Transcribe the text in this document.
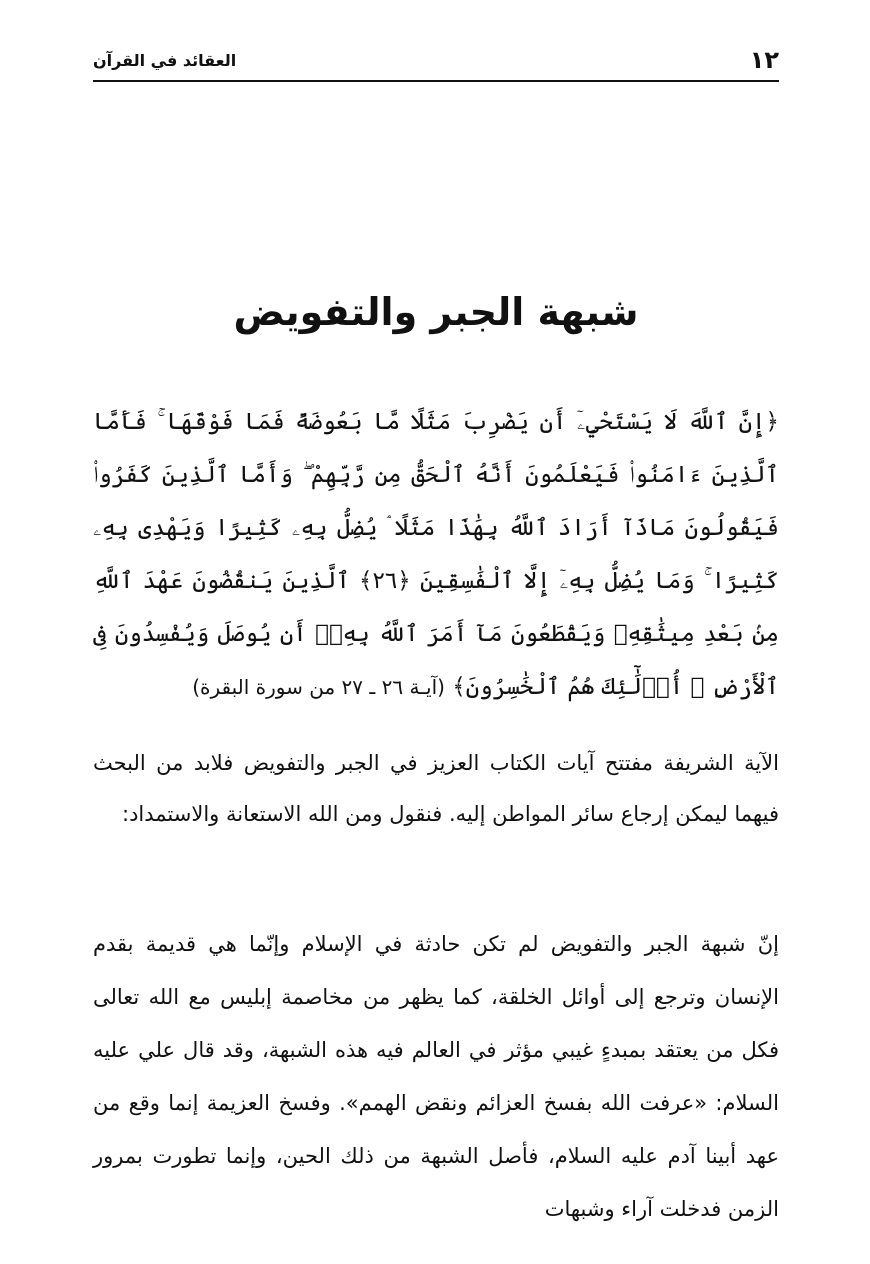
١٢
العقائد في القرآن
شبهة الجبر والتفويض
﴿إِنَّ ٱللَّهَ لَا يَسْتَحْيِۦٓ أَن يَضْرِبَ مَثَلًا مَّا بَعُوضَةً فَمَا فَوْقَهَا ۚ فَأَمَّا ٱلَّذِينَ ءَامَنُوا۟ فَيَعْلَمُونَ أَنَّهُ ٱلْحَقُّ مِن رَّبِّهِمْ ۖ وَأَمَّا ٱلَّذِينَ كَفَرُوا۟ فَيَقُولُونَ مَاذَآ أَرَادَ ٱللَّهُ بِهَٰذَا مَثَلًا ۘ يُضِلُّ بِهِۦ كَثِيرًا وَيَهْدِى بِهِۦ كَثِيرًا ۚ وَمَا يُضِلُّ بِهِۦٓ إِلَّا ٱلْفَٰسِقِينَ ﴿٢٦﴾ ٱلَّذِينَ يَنقُضُونَ عَهْدَ ٱللَّهِ مِنۢ بَعْدِ مِيثَٰقِهِۦ وَيَقْطَعُونَ مَآ أَمَرَ ٱللَّهُ بِهِۦٓ أَن يُوصَلَ وَيُفْسِدُونَ فِى ٱلْأَرْضِ ۚ أُو۟لَٰٓئِكَ هُمُ ٱلْخَٰسِرُونَ﴾ (آيـة ٢٦ ـ ٢٧ من سورة البقرة)

الآية الشريفة مفتتح آيات الكتاب العزيز في الجبر والتفويض فلابد من البحث فيهما ليمكن إرجاع سائر المواطن إليه. فنقول ومن الله الاستعانة والاستمداد:

إنّ شبهة الجبر والتفويض لم تكن حادثة في الإسلام وإنّما هي قديمة بقدم الإنسان وترجع إلى أوائل الخلقة، كما يظهر من مخاصمة إبليس مع الله تعالى فكل من يعتقد بمبدءٍ غيبي مؤثر في العالم فيه هذه الشبهة، وقد قال علي عليه السلام: «عرفت الله بفسخ العزائم ونقض الهمم». وفسخ العزيمة إنما وقع من عهد أبينا آدم عليه السلام، فأصل الشبهة من ذلك الحين، وإنما تطورت بمرور الزمن فدخلت آراء وشبهات
